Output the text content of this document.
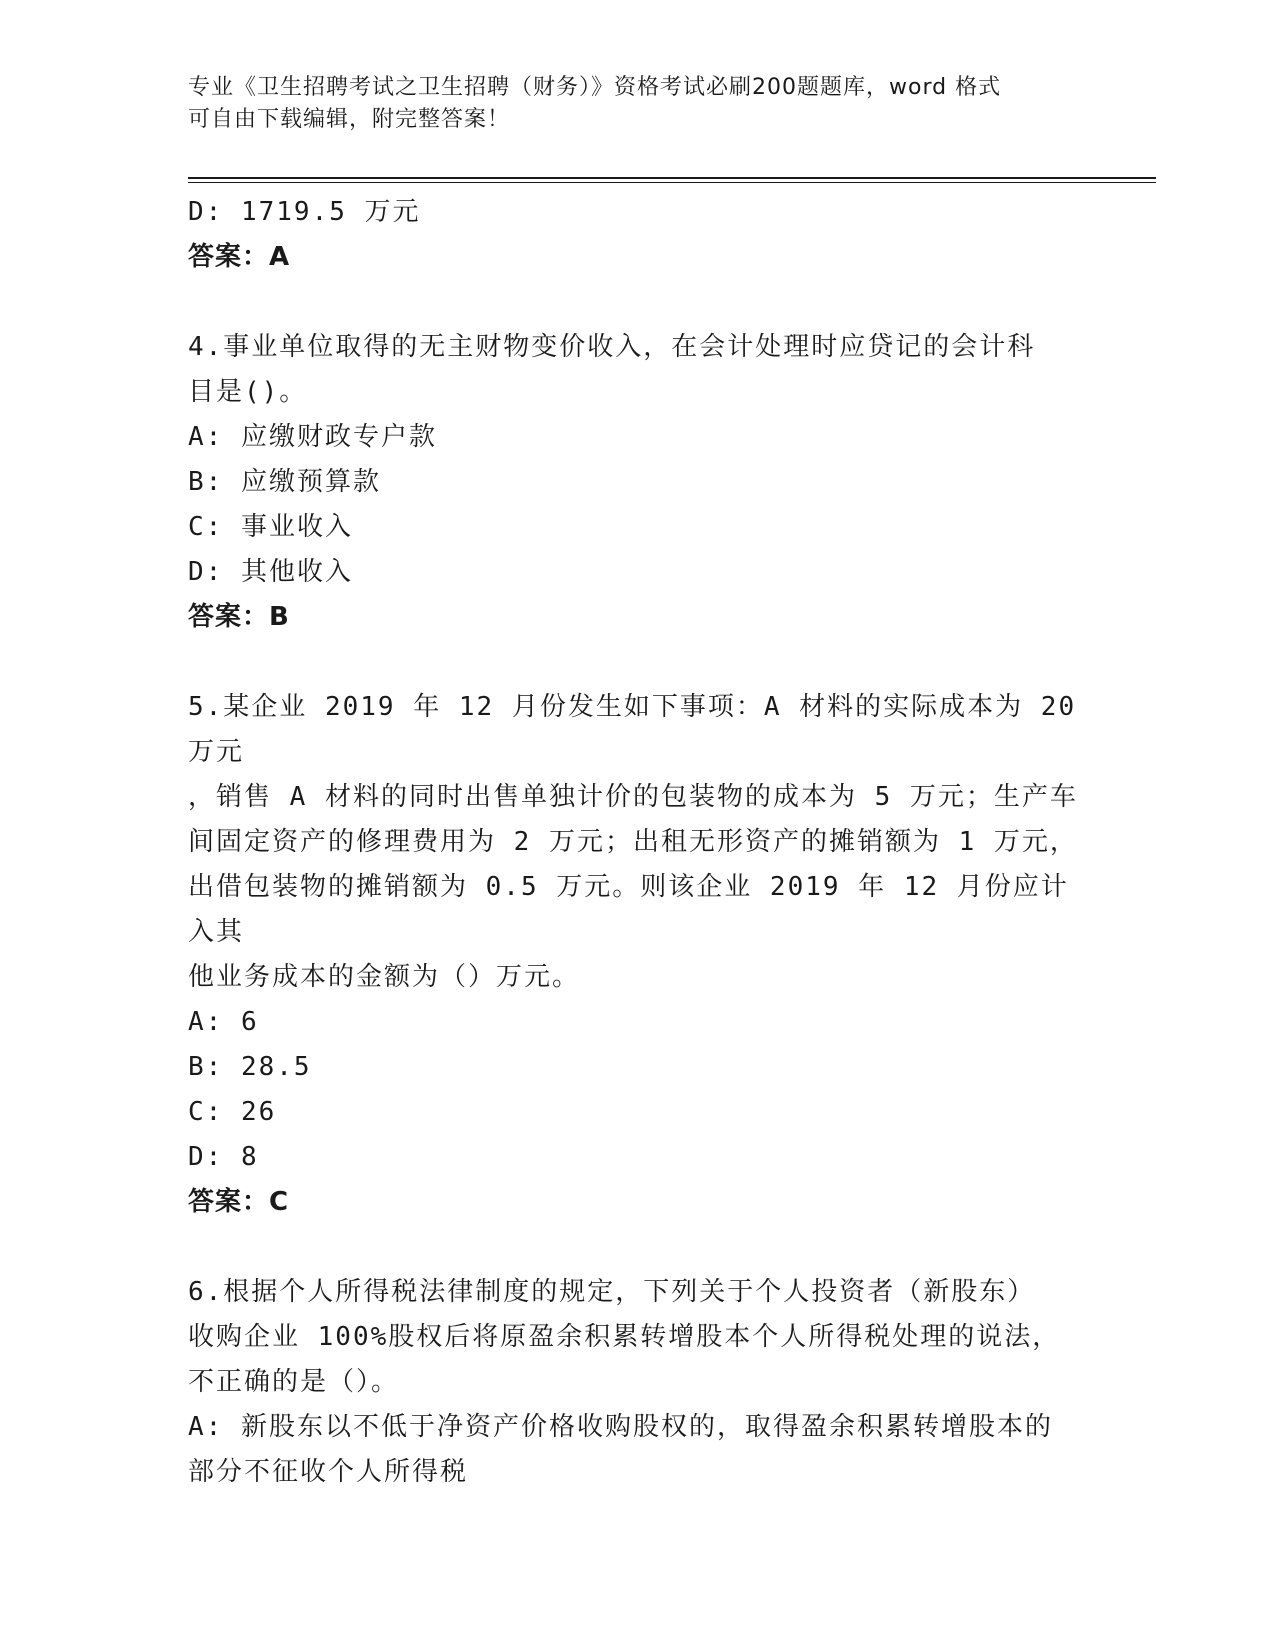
专业《卫生招聘考试之卫生招聘（财务）》资格考试必刷200题题库，word 格式
可自由下载编辑，附完整答案！
D: 1719.5 万元
答案：A
4.事业单位取得的无主财物变价收入，在会计处理时应贷记的会计科
目是()。
A: 应缴财政专户款
B: 应缴预算款
C: 事业收入
D: 其他收入
答案：B
5.某企业 2019 年 12 月份发生如下事项：A 材料的实际成本为 20 万元
，销售 A 材料的同时出售单独计价的包装物的成本为 5 万元；生产车
间固定资产的修理费用为 2 万元；出租无形资产的摊销额为 1 万元，
出借包装物的摊销额为 0.5 万元。则该企业 2019 年 12 月份应计入其
他业务成本的金额为（）万元。
A: 6
B: 28.5
C: 26
D: 8
答案：C
6.根据个人所得税法律制度的规定，下列关于个人投资者（新股东）
收购企业 100%股权后将原盈余积累转增股本个人所得税处理的说法，
不正确的是（）。
A: 新股东以不低于净资产价格收购股权的，取得盈余积累转增股本的
部分不征收个人所得税
